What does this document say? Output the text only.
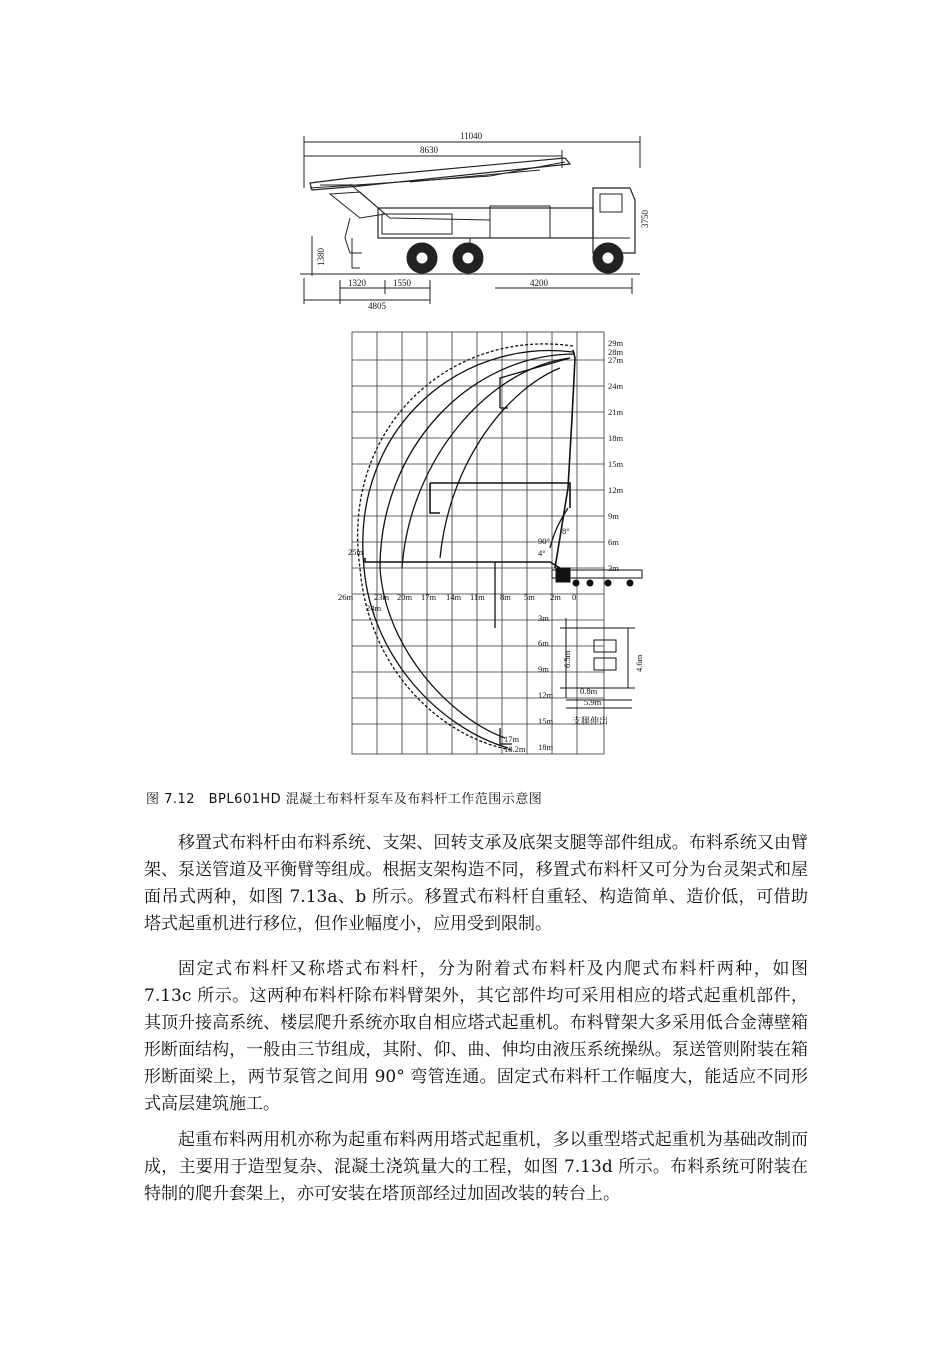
11040
8630
3750
1380
1320	1550	4200
4805
29m
28m
27m
24m
21m
18m
15m
12m
9m
6m
3m
26m 23m 20m 17m 14m 11m 8m 5m 2m 0
3m
6m
9m
12m
15m
18m
25m
24m
90°
8°
4°
6.5m	4.6m
0.8m
5.9m
支腿伸出
17m
18.2m
图 7.12　BPL601HD 混凝土布料杆泵车及布料杆工作范围示意图

移置式布料杆由布料系统、支架、回转支承及底架支腿等部件组成。布料系统又由臂架、泵送管道及平衡臂等组成。根据支架构造不同，移置式布料杆又可分为台灵架式和屋面吊式两种，如图 7.13a、b 所示。移置式布料杆自重轻、构造简单、造价低，可借助塔式起重机进行移位，但作业幅度小，应用受到限制。

固定式布料杆又称塔式布料杆，分为附着式布料杆及内爬式布料杆两种，如图 7.13c 所示。这两种布料杆除布料臂架外，其它部件均可采用相应的塔式起重机部件，其顶升接高系统、楼层爬升系统亦取自相应塔式起重机。布料臂架大多采用低合金薄壁箱形断面结构，一般由三节组成，其附、仰、曲、伸均由液压系统操纵。泵送管则附装在箱形断面梁上，两节泵管之间用 90° 弯管连通。固定式布料杆工作幅度大，能适应不同形式高层建筑施工。

起重布料两用机亦称为起重布料两用塔式起重机，多以重型塔式起重机为基础改制而成，主要用于造型复杂、混凝土浇筑量大的工程，如图 7.13d 所示。布料系统可附装在特制的爬升套架上，亦可安装在塔顶部经过加固改装的转台上。
